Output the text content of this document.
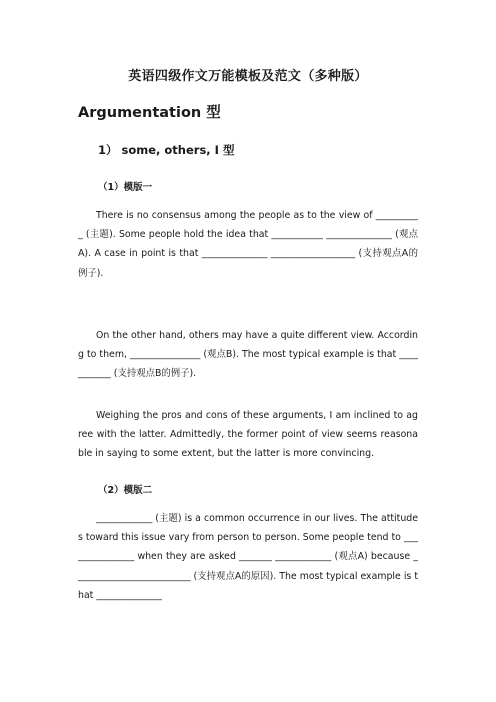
英语四级作文万能模板及范文（多种版）
Argumentation 型
1） some, others, I 型
（1）模版一
There is no consensus among the people as to the view of __________ (主题). Some people hold the idea that ___________ ______________ (观点A). A case in point is that ______________ __________________ (支持观点A的例子).
On the other hand, others may have a quite different view. According to them, _______________ (观点B). The most typical example is that ___________ (支持观点B的例子).
Weighing the pros and cons of these arguments, I am inclined to agree with the latter. Admittedly, the former point of view seems reasonable in saying to some extent, but the latter is more convincing.
（2）模版二
____________ (主题) is a common occurrence in our lives. The attitudes toward this issue vary from person to person. Some people tend to _______________ when they are asked _______ ____________ (观点A) because _________________________ (支持观点A的原因). The most typical example is that ______________
